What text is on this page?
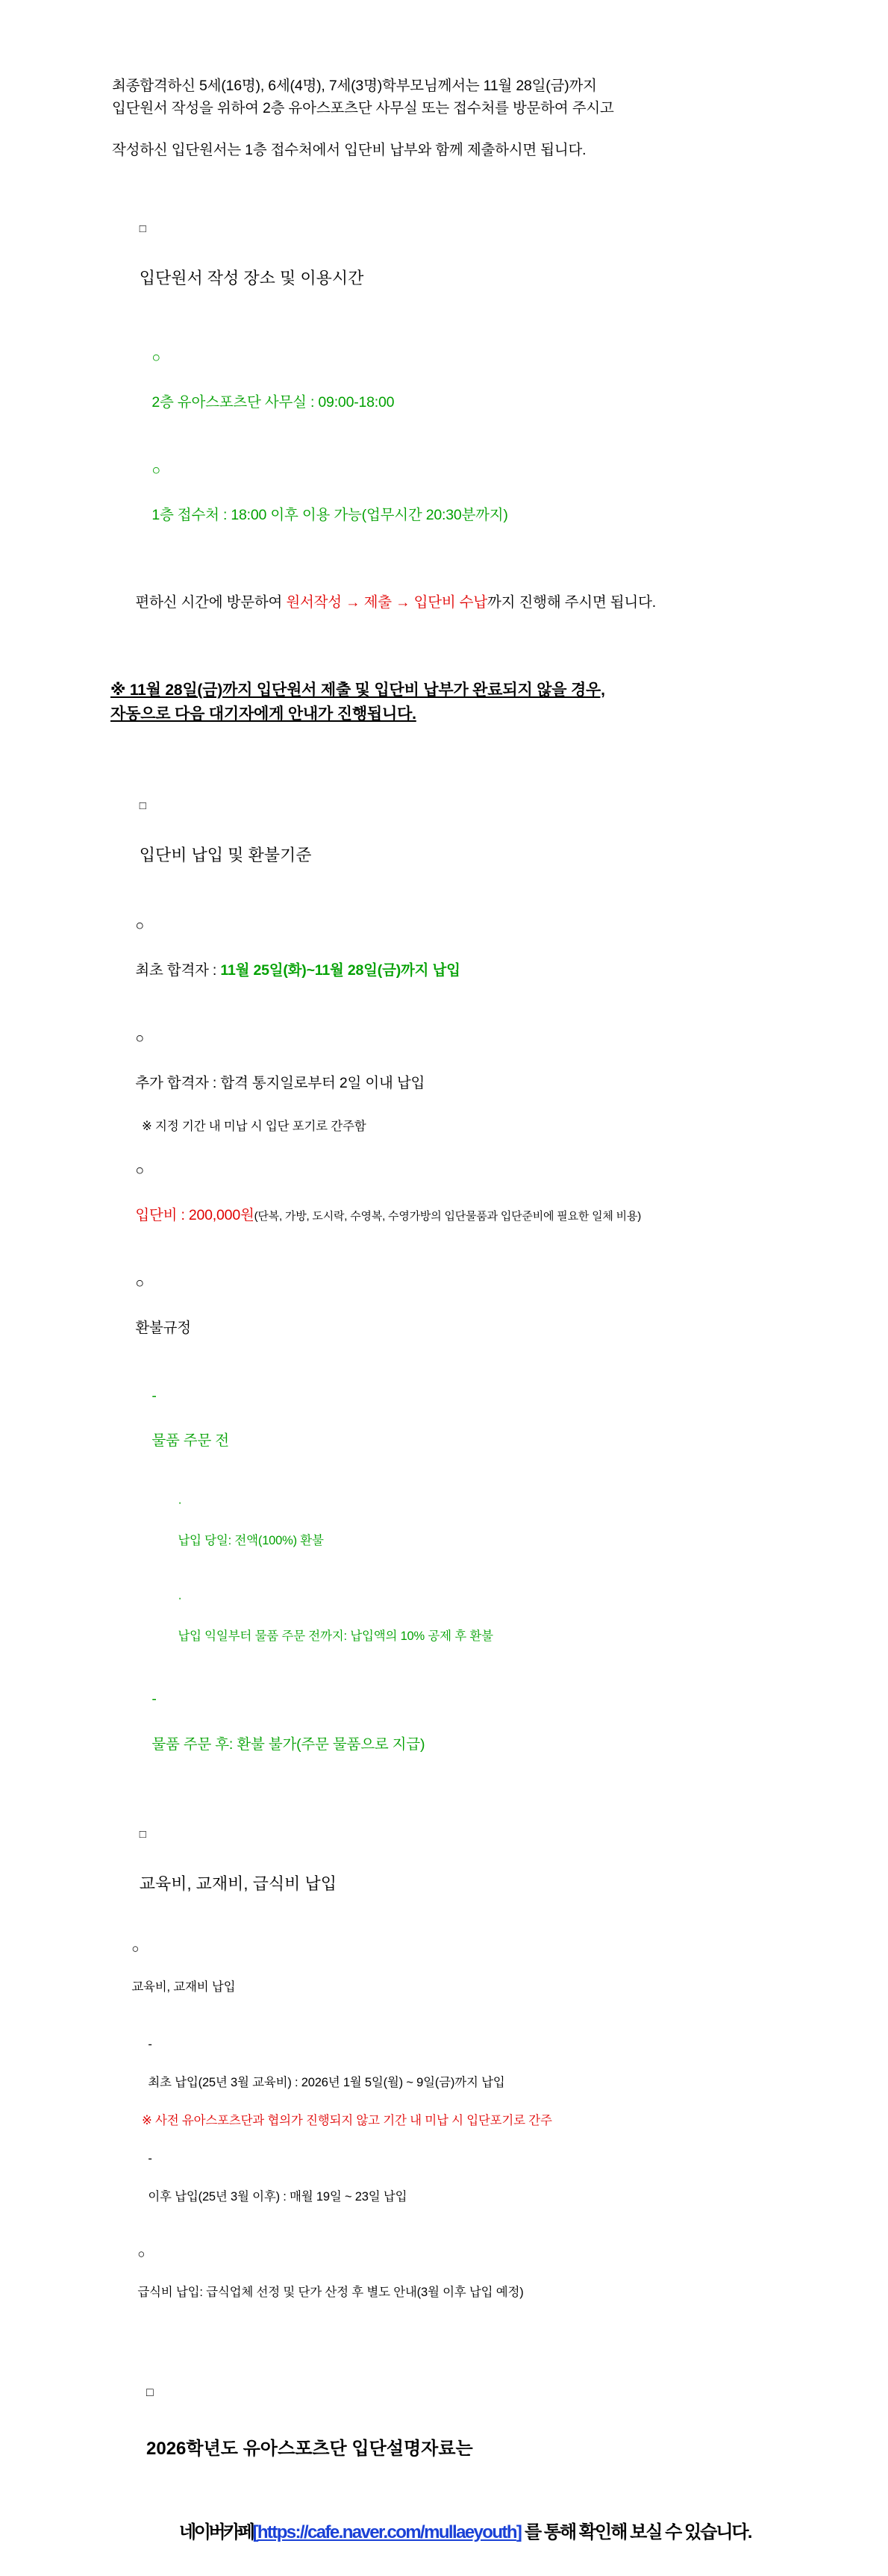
최종합격하신 5세(16명), 6세(4명), 7세(3명)학부모님께서는 11월 28일(금)까지
입단원서 작성을 위하여 2층 유아스포츠단 사무실 또는 접수처를 방문하여 주시고
작성하신 입단원서는 1층 접수처에서 입단비 납부와 함께 제출하시면 됩니다.

□

입단원서 작성 장소 및 이용시간

○

2층 유아스포츠단 사무실 : 09:00-18:00

○

1층 접수처 : 18:00 이후 이용 가능(업무시간 20:30분까지)

편하신 시간에 방문하여 원서작성 → 제출 → 입단비 수납까지 진행해 주시면 됩니다.

※ 11월 28일(금)까지 입단원서 제출 및 입단비 납부가 완료되지 않을 경우,
자동으로 다음 대기자에게 안내가 진행됩니다.

□

입단비 납입 및 환불기준

○

최초 합격자 : 11월 25일(화)~11월 28일(금)까지 납입

○

추가 합격자 : 합격 통지일로부터 2일 이내 납입

※ 지정 기간 내 미납 시 입단 포기로 간주함

○

입단비 : 200,000원(단복, 가방, 도시락, 수영복, 수영가방의 입단물품과 입단준비에 필요한 일체 비용)

○

환불규정

-

물품 주문 전

·

납입 당일: 전액(100%) 환불

·

납입 익일부터 물품 주문 전까지: 납입액의 10% 공제 후 환불

-

물품 주문 후: 환불 불가(주문 물품으로 지급)

□

교육비, 교재비, 급식비 납입

○

교육비, 교재비 납입

-

최초 납입(25년 3월 교육비) : 2026년 1월 5일(월) ~ 9일(금)까지 납입

※ 사전 유아스포츠단과 협의가 진행되지 않고 기간 내 미납 시 입단포기로 간주

-

이후 납입(25년 3월 이후) : 매월 19일 ~ 23일 납입

○

급식비 납입: 급식업체 선정 및 단가 산정 후 별도 안내(3월 이후 납입 예정)

□

2026학년도 유아스포츠단 입단설명자료는

네이버카페[https://cafe.naver.com/mullaeyouth] 를 통해 확인해 보실 수 있습니다.
